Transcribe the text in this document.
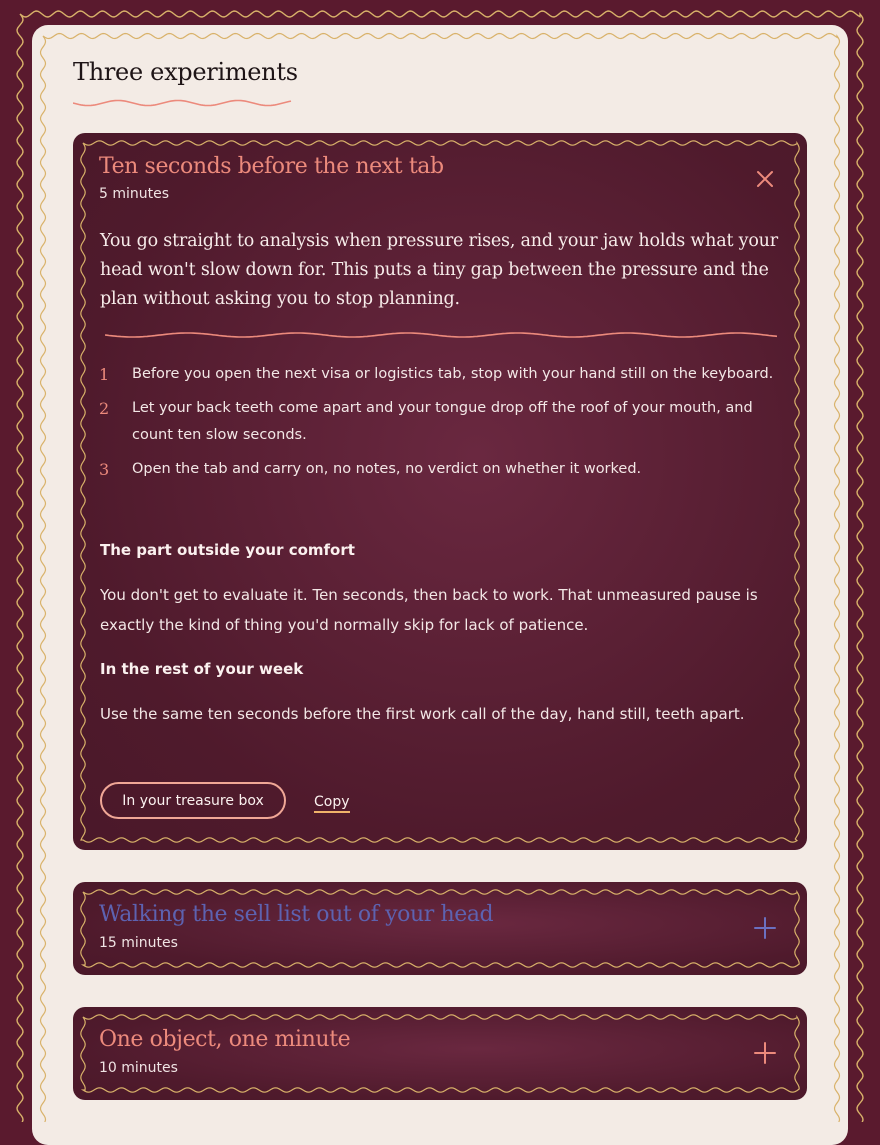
Three experiments
Ten seconds before the next tab
5 minutes

You go straight to analysis when pressure rises, and your jaw holds what your head won't slow down for. This puts a tiny gap between the pressure and the plan without asking you to stop planning.

1 Before you open the next visa or logistics tab, stop with your hand still on the keyboard.
2 Let your back teeth come apart and your tongue drop off the roof of your mouth, and count ten slow seconds.
3 Open the tab and carry on, no notes, no verdict on whether it worked.
The part outside your comfort
You don't get to evaluate it. Ten seconds, then back to work. That unmeasured pause is exactly the kind of thing you'd normally skip for lack of patience.
In the rest of your week
Use the same ten seconds before the first work call of the day, hand still, teeth apart.
In your treasure box	Copy
Walking the sell list out of your head
15 minutes
One object, one minute
10 minutes
